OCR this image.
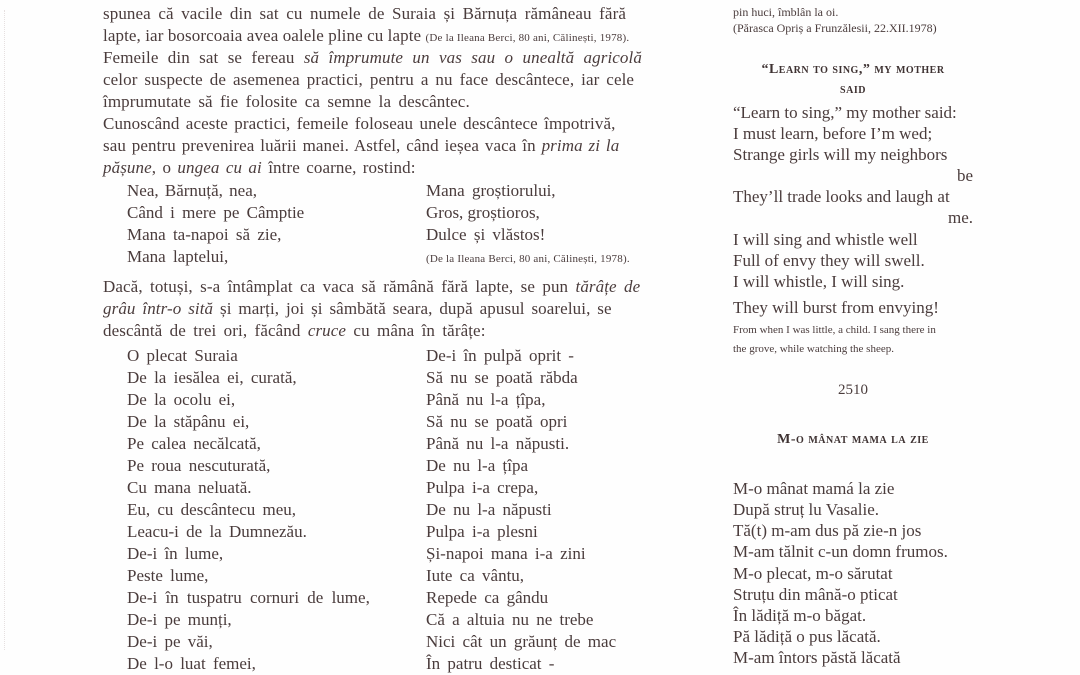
spunea că vacile din sat cu numele de Suraia și Bărnuța rămâneau fără
lapte, iar bosorcoaia avea oalele pline cu lapte (De la Ileana Berci, 80 ani, Călinești, 1978).
Femeile din sat se fereau să împrumute un vas sau o unealtă agricolă
celor suspecte de asemenea practici, pentru a nu face descântece, iar cele
împrumutate să fie folosite ca semne la descântec.
Cunoscând aceste practici, femeile foloseau unele descântece împotrivă,
sau pentru prevenirea luării manei. Astfel, când ieșea vaca în prima zi la
pășune, o ungea cu ai între coarne, rostind:
Nea, Bărnuță, nea,
Când i mere pe Câmptie
Mana ta-napoi să zie,
Mana laptelui,
Mana groștiorului,
Gros, groștioros,
Dulce și vlăstos!
(De la Ileana Berci, 80 ani, Călinești, 1978).
Dacă, totuși, s-a întâmplat ca vaca să rămână fără lapte, se pun tărâțe de
grâu într-o sită și marți, joi și sâmbătă seara, după apusul soarelui, se
descântă de trei ori, făcând cruce cu mâna în tărâțe:
O plecat Suraia
De la iesălea ei, curată,
De la ocolu ei,
De la stăpânu ei,
Pe calea necălcată,
Pe roua nescuturată,
Cu mana neluată.
Eu, cu descântecu meu,
Leacu-i de la Dumnezău.
De-i în lume,
Peste lume,
De-i în tuspatru cornuri de lume,
De-i pe munți,
De-i pe văi,
De l-o luat femei,
De-i în pulpă oprit -
Să nu se poată răbda
Până nu l-a țîpa,
Să nu se poată opri
Până nu l-a năpusti.
De nu l-a țîpa
Pulpa i-a crepa,
De nu l-a năpusti
Pulpa i-a plesni
Și-napoi mana i-a zini
Iute ca vântu,
Repede ca gându
Că a altuia nu ne trebe
Nici cât un grăunț de mac
În patru desticat -
pin huci, îmblân la oi.
(Părasca Opriș a Frunzălesii, 22.XII.1978)
“Learn to sing,” my mother
said
“Learn to sing,” my mother said:
I must learn, before I’m wed;
Strange girls will my neighbors
be
They’ll trade looks and laugh at
me.
I will sing and whistle well
Full of envy they will swell.
I will whistle, I will sing.
They will burst from envying!
From when I was little, a child. I sang there in
the grove, while watching the sheep.
2510
M-o mânat mama la zie
M-o mânat mamá la zie
După struț lu Vasalie.
Tă(t) m-am dus pă zie-n jos
M-am tălnit c-un domn frumos.
M-o plecat, m-o sărutat
Struțu din mână-o pticat
În lădiță m-o băgat.
Pă lădiță o pus lăcată.
M-am întors păstă lăcată
